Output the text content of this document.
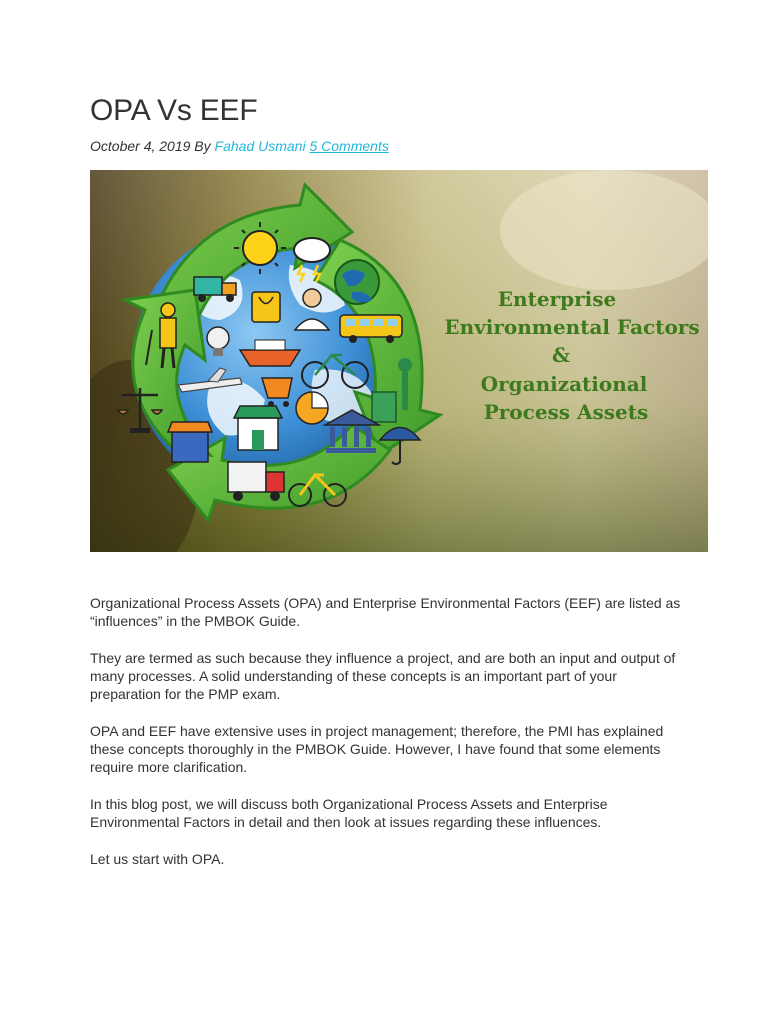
OPA Vs EEF
October 4, 2019 By Fahad Usmani 5 Comments
Enterprise
Environmental Factors
&
Organizational
Process Assets

Organizational Process Assets (OPA) and Enterprise Environmental Factors (EEF) are listed as “influences” in the PMBOK Guide.

They are termed as such because they influence a project, and are both an input and output of many processes. A solid understanding of these concepts is an important part of your preparation for the PMP exam.

OPA and EEF have extensive uses in project management; therefore, the PMI has explained these concepts thoroughly in the PMBOK Guide. However, I have found that some elements require more clarification.

In this blog post, we will discuss both Organizational Process Assets and Enterprise Environmental Factors in detail and then look at issues regarding these influences.

Let us start with OPA.
